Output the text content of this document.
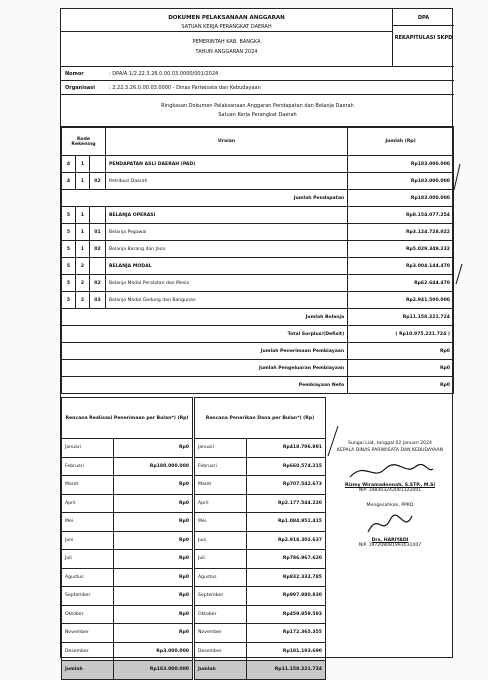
DOKUMEN PELAKSANAAN ANGGARAN
SATUAN KERJA PERANGKAT DAERAH
PEMERINTAH KAB. BANGKA
TAHUN ANGGARAN 2024
DPA
REKAPITULASI SKPD
Nomor	: DPA/A.1/2.22.3.26.0.00.03.0000/001/2024
Organisasi	: 2.22.3.26.0.00.03.0000 - Dinas Pariwisata dan Kebudayaan
Ringkasan Dokumen Pelaksanaan Anggaran Pendapatan dan Belanja Daerah
Satuan Kerja Perangkat Daerah
Kode Rekening			Uraian	Jumlah (Rp)
4	1		PENDAPATAN ASLI DAERAH (PAD)	Rp183.000.000
4	1	02	Retribusi Daerah	Rp183.000.000
Jumlah Pendapatan				Rp183.000.000
5	1		BELANJA OPERASI	Rp8.154.077.254
5	1	01	Belanja Pegawai	Rp3.124.728.022
5	1	02	Belanja Barang dan Jasa	Rp5.029.349.232
5	2		BELANJA MODAL	Rp3.004.144.470
5	2	02	Belanja Modal Peralatan dan Mesin	Rp62.644.470
5	2	03	Belanja Modal Gedung dan Bangunan	Rp2.941.500.000
Jumlah Belanja				Rp11.158.221.724
Total Surplus/(Defisit)				( Rp10.975.221.724 )
Jumlah Penerimaan Pembiayaan				Rp0
Jumlah Pengeluaran Pembiayaan				Rp0
Pembiayaan Neto				Rp0
Rencana Realisasi Penerimaan per Bulan*) (Rp)	
Januari	Rp0
Februari	Rp180.000.000
Maret	Rp0
April	Rp0
Mei	Rp0
Juni	Rp0
Juli	Rp0
Agustus	Rp0
September	Rp0
Oktober	Rp0
November	Rp0
Desember	Rp3.000.000
Jumlah	Rp183.000.000
Rencana Penarikan Dana per Bulan*) (Rp)	
Januari	Rp418.706.891
Februari	Rp660.574.215
Maret	Rp707.542.673
April	Rp2.177.544.220
Mei	Rp1.084.951.415
Juni	Rp2.918.302.637
Juli	Rp786.967.620
Agustus	Rp832.332.785
September	Rp997.880.830
Oktober	Rp459.859.593
November	Rp172.365.355
Desember	Rp181.193.690
Jumlah	Rp11.158.221.724
Sungai Liat, tanggal 02 Januari 2024
KEPALA DINAS PARIWISATA DAN KEBUDAYAAN
Rizmy Wiramadonnah, S.STP., M.Si
NIP. 198303242001122001
Mengesahkan, PPKD
Drs. HARIYADI
NIP. 197208081993031007
